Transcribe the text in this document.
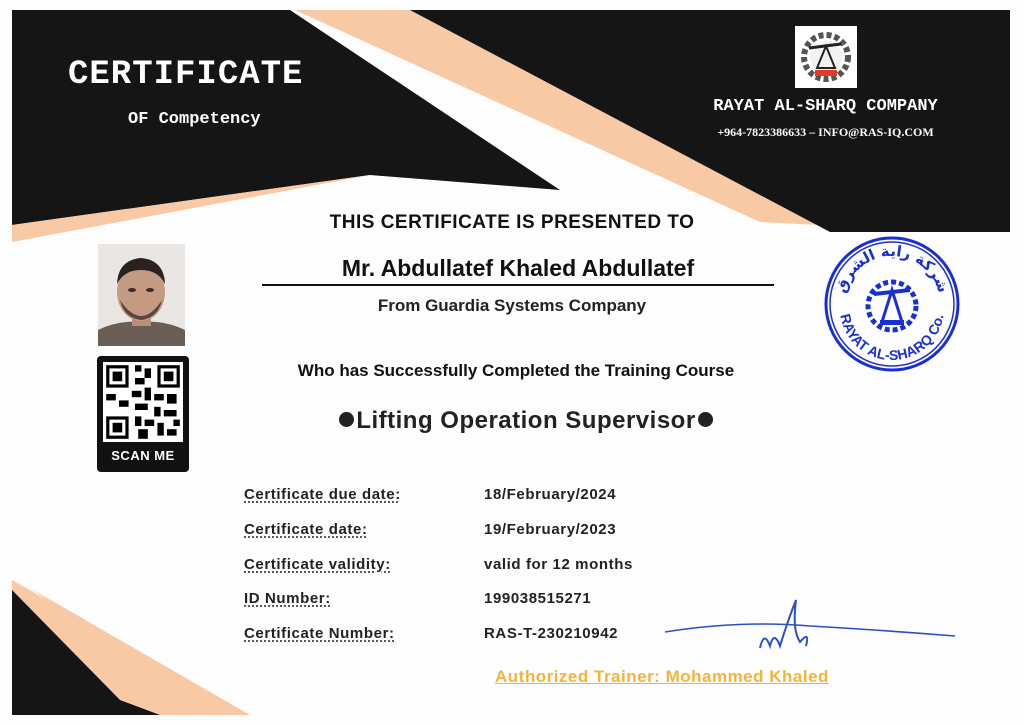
CERTIFICATE
OF Competency
RAYAT AL-SHARQ COMPANY
+964-7823386633 – INFO@RAS-IQ.COM
THIS CERTIFICATE IS PRESENTED TO
Mr. Abdullatef Khaled Abdullatef
From Guardia Systems Company
SCAN ME
Who has Successfully Completed the Training Course
Lifting Operation Supervisor
شركة راية الشرق
RAYAT AL-SHARQ Co.
Certificate due date:	18/February/2024
Certificate date:	19/February/2023
Certificate validity:	valid for 12 months
ID Number:	199038515271
Certificate Number:	RAS-T-230210942
Authorized Trainer: Mohammed Khaled
